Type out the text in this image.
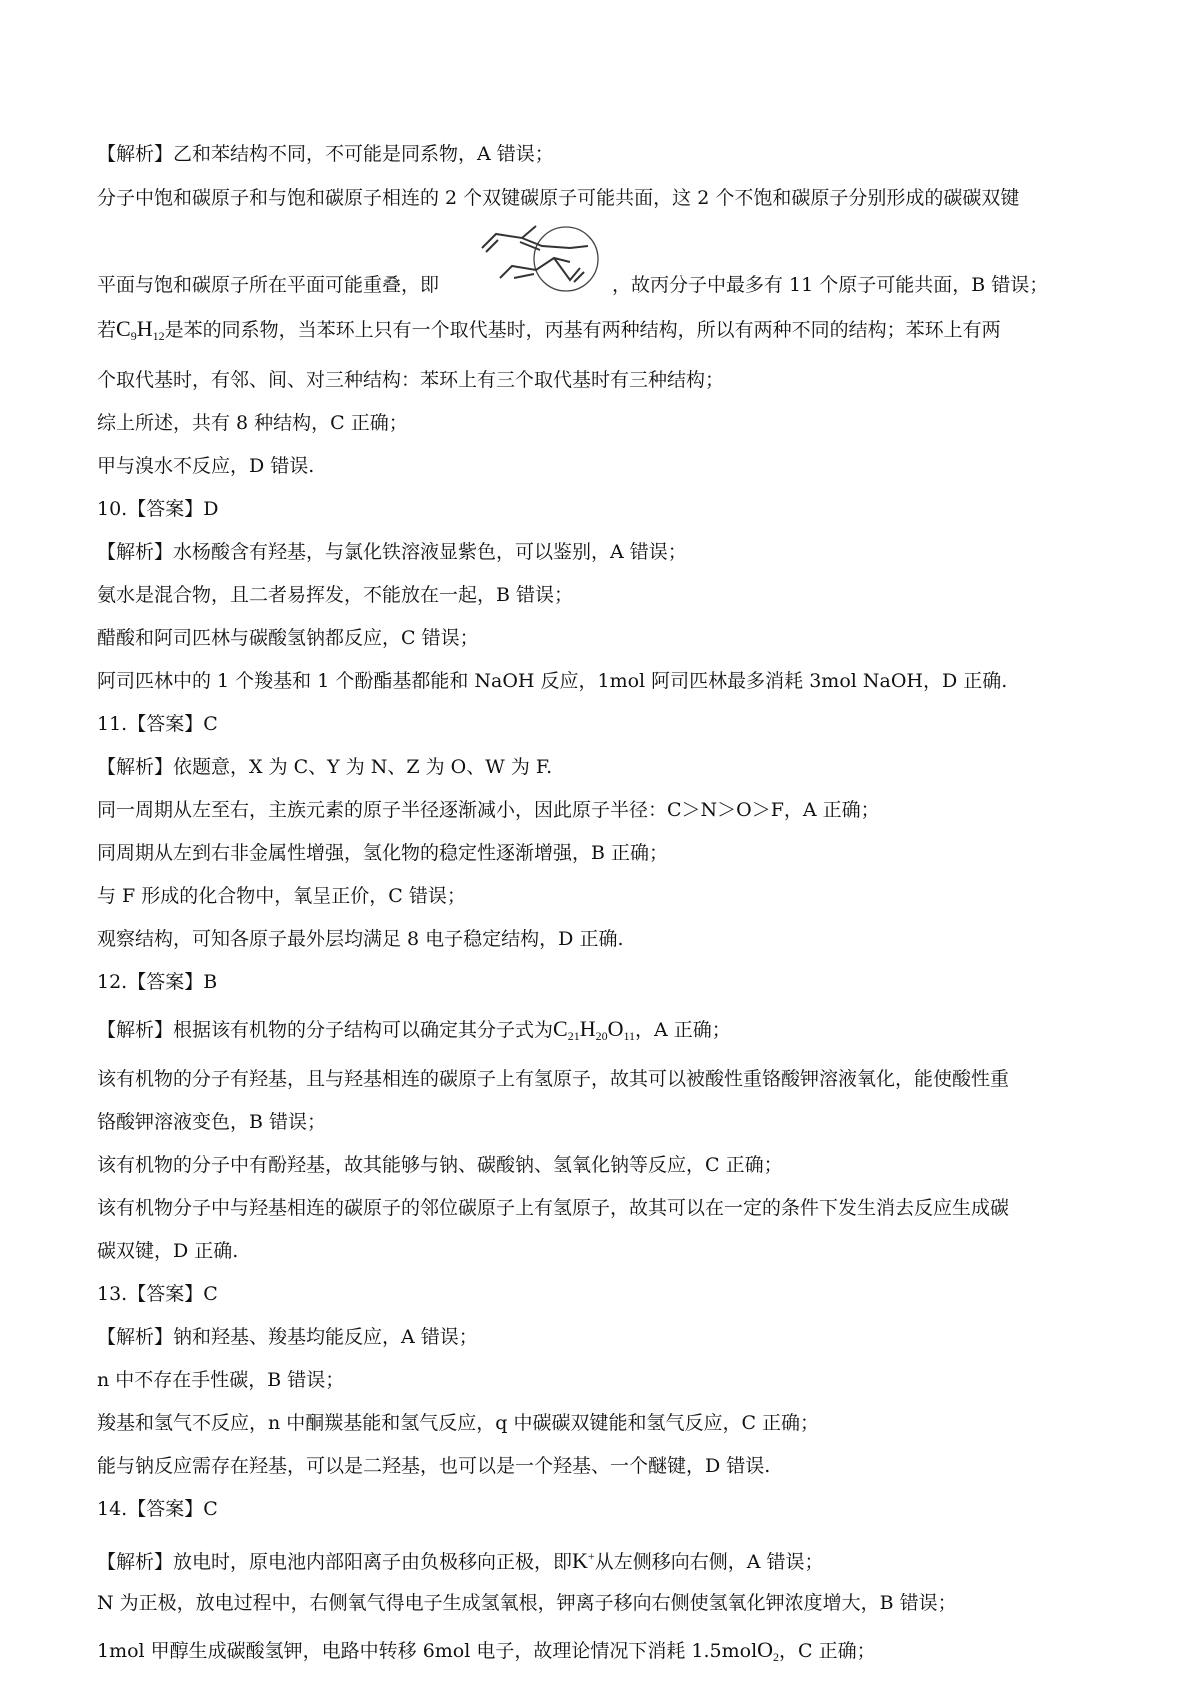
【解析】乙和苯结构不同，不可能是同系物，A 错误；
分子中饱和碳原子和与饱和碳原子相连的 2 个双键碳原子可能共面，这 2 个不饱和碳原子分别形成的碳碳双键
平面与饱和碳原子所在平面可能重叠，即	，故丙分子中最多有 11 个原子可能共面，B 错误；
若$C_9H_{12}$是苯的同系物，当苯环上只有一个取代基时，丙基有两种结构，所以有两种不同的结构；苯环上有两
个取代基时，有邻、间、对三种结构：苯环上有三个取代基时有三种结构；
综上所述，共有 8 种结构，C 正确；
甲与溴水不反应，D 错误.
10.【答案】D
【解析】水杨酸含有羟基，与氯化铁溶液显紫色，可以鉴别，A 错误；
氨水是混合物，且二者易挥发，不能放在一起，B 错误；
醋酸和阿司匹林与碳酸氢钠都反应，C 错误；
阿司匹林中的 1 个羧基和 1 个酚酯基都能和 NaOH 反应，1mol 阿司匹林最多消耗 3mol NaOH，D 正确.
11.【答案】C
【解析】依题意，X 为 C、Y 为 N、Z 为 O、W 为 F.
同一周期从左至右，主族元素的原子半径逐渐减小，因此原子半径：C＞N＞O＞F，A 正确；
同周期从左到右非金属性增强，氢化物的稳定性逐渐增强，B 正确；
与 F 形成的化合物中，氧呈正价，C 错误；
观察结构，可知各原子最外层均满足 8 电子稳定结构，D 正确.
12.【答案】B
【解析】根据该有机物的分子结构可以确定其分子式为$C_{21}H_{20}O_{11}$，A 正确；
该有机物的分子有羟基，且与羟基相连的碳原子上有氢原子，故其可以被酸性重铬酸钾溶液氧化，能使酸性重
铬酸钾溶液变色，B 错误；
该有机物的分子中有酚羟基，故其能够与钠、碳酸钠、氢氧化钠等反应，C 正确；
该有机物分子中与羟基相连的碳原子的邻位碳原子上有氢原子，故其可以在一定的条件下发生消去反应生成碳
碳双键，D 正确.
13.【答案】C
【解析】钠和羟基、羧基均能反应，A 错误；
n 中不存在手性碳，B 错误；
羧基和氢气不反应，n 中酮羰基能和氢气反应，q 中碳碳双键能和氢气反应，C 正确；
能与钠反应需存在羟基，可以是二羟基，也可以是一个羟基、一个醚键，D 错误.
14.【答案】C
【解析】放电时，原电池内部阳离子由负极移向正极，即K+从左侧移向右侧，A 错误；
N 为正极，放电过程中，右侧氧气得电子生成氢氧根，钾离子移向右侧使氢氧化钾浓度增大，B 错误；
1mol 甲醇生成碳酸氢钾，电路中转移 6mol 电子，故理论情况下消耗 1.5molO$_2$，C 正确；
